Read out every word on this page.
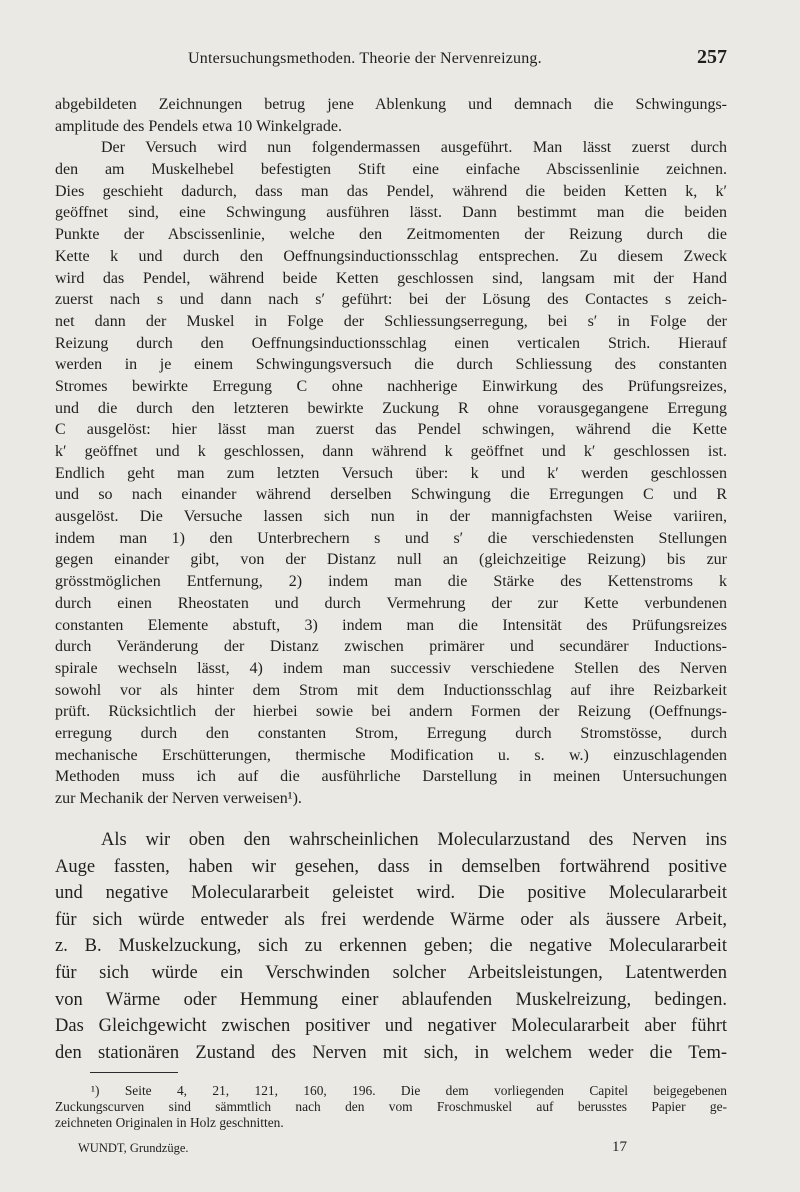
Untersuchungsmethoden. Theorie der Nervenreizung.	257
abgebildeten Zeichnungen betrug jene Ablenkung und demnach die Schwingungs-
amplitude des Pendels etwa 10 Winkelgrade.
Der Versuch wird nun folgendermassen ausgeführt. Man lässt zuerst durch
den am Muskelhebel befestigten Stift eine einfache Abscissenlinie zeichnen.
Dies geschieht dadurch, dass man das Pendel, während die beiden Ketten k, k′
geöffnet sind, eine Schwingung ausführen lässt. Dann bestimmt man die beiden
Punkte der Abscissenlinie, welche den Zeitmomenten der Reizung durch die
Kette k und durch den Oeffnungsinductionsschlag entsprechen. Zu diesem Zweck
wird das Pendel, während beide Ketten geschlossen sind, langsam mit der Hand
zuerst nach s und dann nach s′ geführt: bei der Lösung des Contactes s zeich-
net dann der Muskel in Folge der Schliessungserregung, bei s′ in Folge der
Reizung durch den Oeffnungsinductionsschlag einen verticalen Strich. Hierauf
werden in je einem Schwingungsversuch die durch Schliessung des constanten
Stromes bewirkte Erregung C ohne nachherige Einwirkung des Prüfungsreizes,
und die durch den letzteren bewirkte Zuckung R ohne vorausgegangene Erregung
C ausgelöst: hier lässt man zuerst das Pendel schwingen, während die Kette
k′ geöffnet und k geschlossen, dann während k geöffnet und k′ geschlossen ist.
Endlich geht man zum letzten Versuch über: k und k′ werden geschlossen
und so nach einander während derselben Schwingung die Erregungen C und R
ausgelöst. Die Versuche lassen sich nun in der mannigfachsten Weise variiren,
indem man 1) den Unterbrechern s und s′ die verschiedensten Stellungen
gegen einander gibt, von der Distanz null an (gleichzeitige Reizung) bis zur
grösstmöglichen Entfernung, 2) indem man die Stärke des Kettenstroms k
durch einen Rheostaten und durch Vermehrung der zur Kette verbundenen
constanten Elemente abstuft, 3) indem man die Intensität des Prüfungsreizes
durch Veränderung der Distanz zwischen primärer und secundärer Inductions-
spirale wechseln lässt, 4) indem man successiv verschiedene Stellen des Nerven
sowohl vor als hinter dem Strom mit dem Inductionsschlag auf ihre Reizbarkeit
prüft. Rücksichtlich der hierbei sowie bei andern Formen der Reizung (Oeffnungs-
erregung durch den constanten Strom, Erregung durch Stromstösse, durch
mechanische Erschütterungen, thermische Modification u. s. w.) einzuschlagenden
Methoden muss ich auf die ausführliche Darstellung in meinen Untersuchungen
zur Mechanik der Nerven verweisen¹).
Als wir oben den wahrscheinlichen Molecularzustand des Nerven ins
Auge fassten, haben wir gesehen, dass in demselben fortwährend positive
und negative Moleculararbeit geleistet wird. Die positive Moleculararbeit
für sich würde entweder als frei werdende Wärme oder als äussere Arbeit,
z. B. Muskelzuckung, sich zu erkennen geben; die negative Moleculararbeit
für sich würde ein Verschwinden solcher Arbeitsleistungen, Latentwerden
von Wärme oder Hemmung einer ablaufenden Muskelreizung, bedingen.
Das Gleichgewicht zwischen positiver und negativer Moleculararbeit aber führt
den stationären Zustand des Nerven mit sich, in welchem weder die Tem-
¹) Seite 4, 21, 121, 160, 196. Die dem vorliegenden Capitel beigegebenen
Zuckungscurven sind sämmtlich nach den vom Froschmuskel auf berusstes Papier ge-
zeichneten Originalen in Holz geschnitten.
WUNDT, Grundzüge.	17
